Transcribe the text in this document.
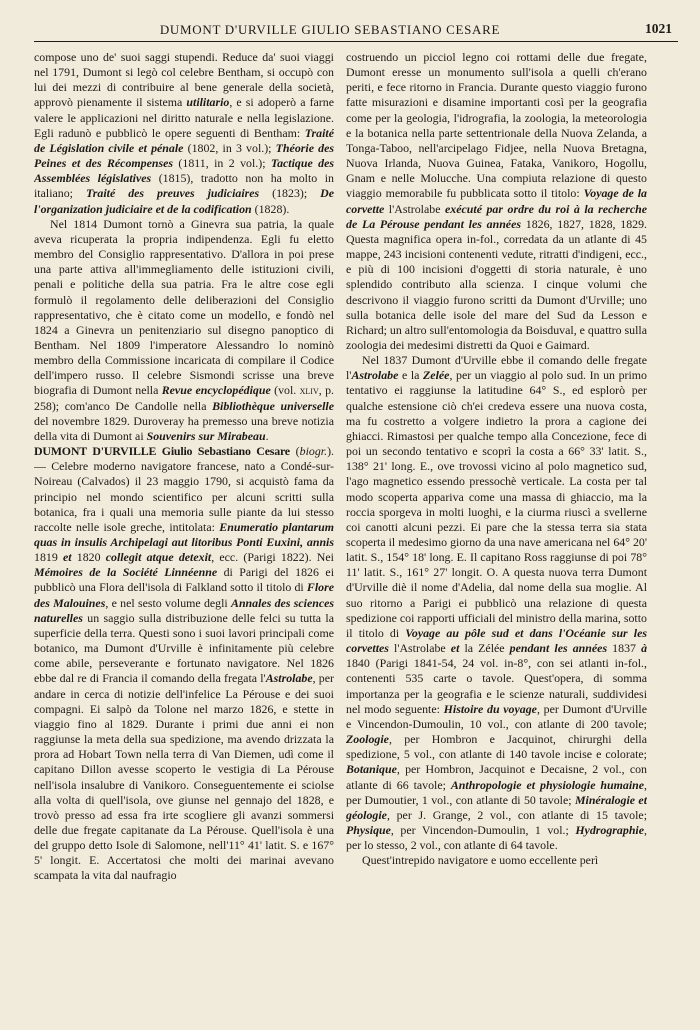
DUMONT D'URVILLE GIULIO SEBASTIANO CESARE	1021

compose uno de' suoi saggi stupendi. Reduce da' suoi viaggi nel 1791, Dumont si legò col celebre Bentham, si occupò con lui dei mezzi di contribuire al bene generale della società, approvò pienamente il sistema utilitario, e si adoperò a farne valere le applicazioni nel diritto naturale e nella legislazione. Egli radunò e pubblicò le opere seguenti di Bentham: Traité de Législation civile et pénale (1802, in 3 vol.); Théorie des Peines et des Récompenses (1811, in 2 vol.); Tactique des Assemblées législatives (1815), tradotto non ha molto in italiano; Traité des preuves judiciaires (1823); De l'organization judiciaire et de la codification (1828).

Nel 1814 Dumont tornò a Ginevra sua patria, la quale aveva ricuperata la propria indipendenza. Egli fu eletto membro del Consiglio rappresentativo. D'allora in poi prese una parte attiva all'immegliamento delle istituzioni civili, penali e politiche della sua patria. Fra le altre cose egli formulò il regolamento delle deliberazioni del Consiglio rappresentativo, che è citato come un modello, e fondò nel 1824 a Ginevra un penitenziario sul disegno panoptico di Bentham. Nel 1809 l'imperatore Alessandro lo nominò membro della Commissione incaricata di compilare il Codice dell'impero russo. Il celebre Sismondi scrisse una breve biografia di Dumont nella Revue encyclopédique (vol. xliv, p. 258); com'anco De Candolle nella Bibliothèque universelle del novembre 1829. Duroveray ha premesso una breve notizia della vita di Dumont ai Souvenirs sur Mirabeau.

DUMONT D'URVILLE Giulio Sebastiano Cesare (biogr.). — Celebre moderno navigatore francese, nato a Condé-sur-Noireau (Calvados) il 23 maggio 1790, si acquistò fama da principio nel mondo scientifico per alcuni scritti sulla botanica, fra i quali una memoria sulle piante da lui stesso raccolte nelle isole greche, intitolata: Enumeratio plantarum quas in insulis Archipelagi aut litoribus Ponti Euxini, annis 1819 et 1820 collegit atque detexit, ecc. (Parigi 1822). Nei Mémoires de la Société Linnéenne di Parigi del 1826 ei pubblicò una Flora dell'isola di Falkland sotto il titolo di Flore des Malouines, e nel sesto volume degli Annales des sciences naturelles un saggio sulla distribuzione delle felci su tutta la superficie della terra. Questi sono i suoi lavori principali come botanico, ma Dumont d'Urville è infinitamente più celebre come abile, perseverante e fortunato navigatore. Nel 1826 ebbe dal re di Francia il comando della fregata l'Astrolabe, per andare in cerca di notizie dell'infelice La Pérouse e dei suoi compagni. Ei salpò da Tolone nel marzo 1826, e stette in viaggio fino al 1829. Durante i primi due anni ei non raggiunse la meta della sua spedizione, ma avendo drizzata la prora ad Hobart Town nella terra di Van Diemen, udì come il capitano Dillon avesse scoperto le vestigia di La Pérouse nell'isola insalubre di Vanikoro. Conseguentemente ei sciolse alla volta di quell'isola, ove giunse nel gennajo del 1828, e trovò presso ad essa fra irte scogliere gli avanzi sommersi delle due fregate capitanate da La Pérouse. Quell'isola è una del gruppo detto Isole di Salomone, nell'11° 41' latit. S. e 167° 5' longit. E. Accertatosi che molti dei marinai avevano scampata la vita dal naufragio

costruendo un picciol legno coi rottami delle due fregate, Dumont eresse un monumento sull'isola a quelli ch'erano periti, e fece ritorno in Francia. Durante questo viaggio furono fatte misurazioni e disamine importanti così per la geografia come per la geologia, l'idrografia, la zoologia, la meteorologia e la botanica nella parte settentrionale della Nuova Zelanda, a Tonga-Taboo, nell'arcipelago Fidjee, nella Nuova Bretagna, Nuova Irlanda, Nuova Guinea, Fataka, Vanikoro, Hogollu, Gnam e nelle Molucche. Una compiuta relazione di questo viaggio memorabile fu pubblicata sotto il titolo: Voyage de la corvette l'Astrolabe exécuté par ordre du roi à la recherche de La Pérouse pendant les années 1826, 1827, 1828, 1829. Questa magnifica opera in-fol., corredata da un atlante di 45 mappe, 243 incisioni contenenti vedute, ritratti d'indigeni, ecc., e più di 100 incisioni d'oggetti di storia naturale, è uno splendido contributo alla scienza. I cinque volumi che descrivono il viaggio furono scritti da Dumont d'Urville; uno sulla botanica delle isole del mare del Sud da Lesson e Richard; un altro sull'entomologia da Boisduval, e quattro sulla zoologia dei medesimi distretti da Quoi e Gaimard.

Nel 1837 Dumont d'Urville ebbe il comando delle fregate l'Astrolabe e la Zelée, per un viaggio al polo sud. In un primo tentativo ei raggiunse la latitudine 64° S., ed esplorò per qualche estensione ciò ch'ei credeva essere una nuova costa, ma fu costretto a volgere indietro la prora a cagione dei ghiacci. Rimastosi per qualche tempo alla Concezione, fece di poi un secondo tentativo e scoprì la costa a 66° 33' latit. S., 138° 21' long. E., ove trovossi vicino al polo magnetico sud, l'ago magnetico essendo pressochè verticale. La costa per tal modo scoperta appariva come una massa di ghiaccio, ma la roccia sporgeva in molti luoghi, e la ciurma riuscì a svellerne coi canotti alcuni pezzi. Ei pare che la stessa terra sia stata scoperta il medesimo giorno da una nave americana nel 64° 20' latit. S., 154° 18' long. E. Il capitano Ross raggiunse di poi 78° 11' latit. S., 161° 27' longit. O. A questa nuova terra Dumont d'Urville diè il nome d'Adelia, dal nome della sua moglie. Al suo ritorno a Parigi ei pubblicò una relazione di questa spedizione coi rapporti ufficiali del ministro della marina, sotto il titolo di Voyage au pôle sud et dans l'Océanie sur les corvettes l'Astrolabe et la Zélée pendant les années 1837 à 1840 (Parigi 1841-54, 24 vol. in-8°, con sei atlanti in-fol., contenenti 535 carte o tavole. Quest'opera, di somma importanza per la geografia e le scienze naturali, suddividesi nel modo seguente: Histoire du voyage, per Dumont d'Urville e Vincendon-Dumoulin, 10 vol., con atlante di 200 tavole; Zoologie, per Hombron e Jacquinot, chirurghi della spedizione, 5 vol., con atlante di 140 tavole incise e colorate; Botanique, per Hombron, Jacquinot e Decaisne, 2 vol., con atlante di 66 tavole; Anthropologie et physiologie humaine, per Dumoutier, 1 vol., con atlante di 50 tavole; Minéralogie et géologie, per J. Grange, 2 vol., con atlante di 15 tavole; Physique, per Vincendon-Dumoulin, 1 vol.; Hydrographie, per lo stesso, 2 vol., con atlante di 64 tavole.

Quest'intrepido navigatore e uomo eccellente perì
